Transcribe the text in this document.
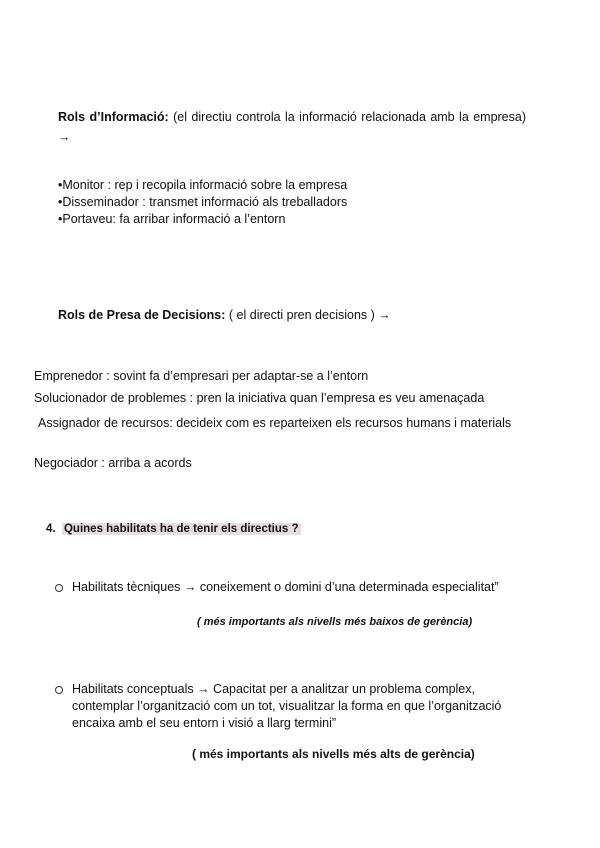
Rols d’Informació: (el directiu controla la informació relacionada amb la empresa) →
•Monitor : rep i recopila informació sobre la empresa
•Disseminador : transmet informació als treballadors
•Portaveu: fa arribar informació a l’entorn
Rols de Presa de Decisions: ( el directi pren decisions ) →
Emprenedor : sovint fa d’empresari per adaptar-se a l’entorn
Solucionador de problemes : pren la iniciativa quan l’empresa es veu amenaçada
Assignador de recursos: decideix com es reparteixen els recursos humans i materials
Negociador : arriba a acords
4. Quines habilitats ha de tenir els directius ?
Habilitats tècniques → coneixement o domini d’una determinada especialitat”
( més importants als nivells més baixos de gerència)
Habilitats conceptuals → Capacitat per a analitzar un problema complex, contemplar l’organització com un tot, visualitzar la forma en que l’organització encaixa amb el seu entorn i visió a llarg termini”
( més importants als nivells més alts de gerència)
